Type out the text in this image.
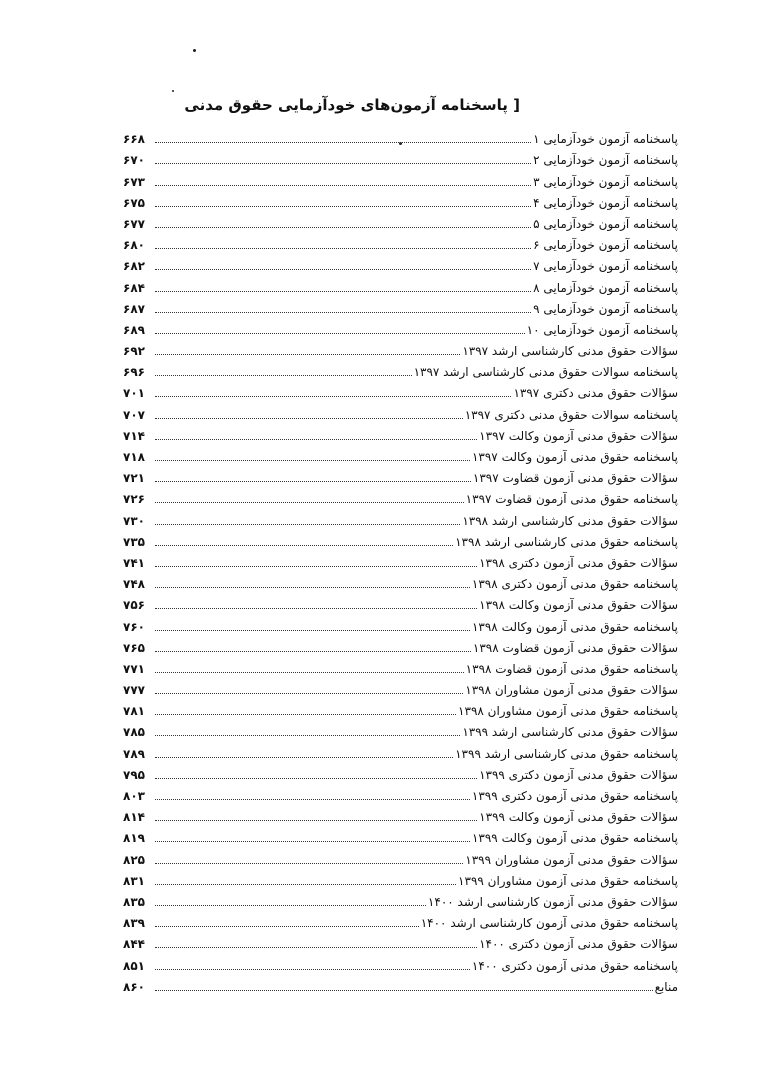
[ پاسخنامه آزمون‌های خودآزمایی حقوق مدنی
پاسخنامه آزمون خودآزمایی ۱
۶۶۸
پاسخنامه آزمون خودآزمایی ۲
۶۷۰
پاسخنامه آزمون خودآزمایی ۳
۶۷۳
پاسخنامه آزمون خودآزمایی ۴
۶۷۵
پاسخنامه آزمون خودآزمایی ۵
۶۷۷
پاسخنامه آزمون خودآزمایی ۶
۶۸۰
پاسخنامه آزمون خودآزمایی ۷
۶۸۲
پاسخنامه آزمون خودآزمایی ۸
۶۸۴
پاسخنامه آزمون خودآزمایی ۹
۶۸۷
پاسخنامه آزمون خودآزمایی ۱۰
۶۸۹
سؤالات حقوق مدنی کارشناسی ارشد ۱۳۹۷
۶۹۲
پاسخنامه سوالات حقوق مدنی کارشناسی ارشد ۱۳۹۷
۶۹۶
سؤالات حقوق مدنی دکتری ۱۳۹۷
۷۰۱
پاسخنامه سوالات حقوق مدنی دکتری ۱۳۹۷
۷۰۷
سؤالات حقوق مدنی آزمون وکالت ۱۳۹۷
۷۱۴
پاسخنامه حقوق مدنی آزمون وکالت ۱۳۹۷
۷۱۸
سؤالات حقوق مدنی آزمون قضاوت ۱۳۹۷
۷۲۱
پاسخنامه حقوق مدنی آزمون قضاوت ۱۳۹۷
۷۲۶
سؤالات حقوق مدنی کارشناسی ارشد ۱۳۹۸
۷۳۰
پاسخنامه حقوق مدنی کارشناسی ارشد ۱۳۹۸
۷۳۵
سؤالات حقوق مدنی آزمون دکتری ۱۳۹۸
۷۴۱
پاسخنامه حقوق مدنی آزمون دکتری ۱۳۹۸
۷۴۸
سؤالات حقوق مدنی آزمون وکالت ۱۳۹۸
۷۵۶
پاسخنامه حقوق مدنی آزمون وکالت ۱۳۹۸
۷۶۰
سؤالات حقوق مدنی آزمون قضاوت ۱۳۹۸
۷۶۵
پاسخنامه حقوق مدنی آزمون قضاوت ۱۳۹۸
۷۷۱
سؤالات حقوق مدنی آزمون مشاوران ۱۳۹۸
۷۷۷
پاسخنامه حقوق مدنی آزمون مشاوران ۱۳۹۸
۷۸۱
سؤالات حقوق مدنی کارشناسی ارشد ۱۳۹۹
۷۸۵
پاسخنامه حقوق مدنی کارشناسی ارشد ۱۳۹۹
۷۸۹
سؤالات حقوق مدنی آزمون دکتری ۱۳۹۹
۷۹۵
پاسخنامه حقوق مدنی آزمون دکتری ۱۳۹۹
۸۰۳
سؤالات حقوق مدنی آزمون وکالت ۱۳۹۹
۸۱۴
پاسخنامه حقوق مدنی آزمون وکالت ۱۳۹۹
۸۱۹
سؤالات حقوق مدنی آزمون مشاوران ۱۳۹۹
۸۲۵
پاسخنامه حقوق مدنی آزمون مشاوران ۱۳۹۹
۸۳۱
سؤالات حقوق مدنی آزمون کارشناسی ارشد ۱۴۰۰
۸۳۵
پاسخنامه حقوق مدنی آزمون کارشناسی ارشد ۱۴۰۰
۸۳۹
سؤالات حقوق مدنی آزمون دکتری ۱۴۰۰
۸۴۴
پاسخنامه حقوق مدنی آزمون دکتری ۱۴۰۰
۸۵۱
منابع
۸۶۰
